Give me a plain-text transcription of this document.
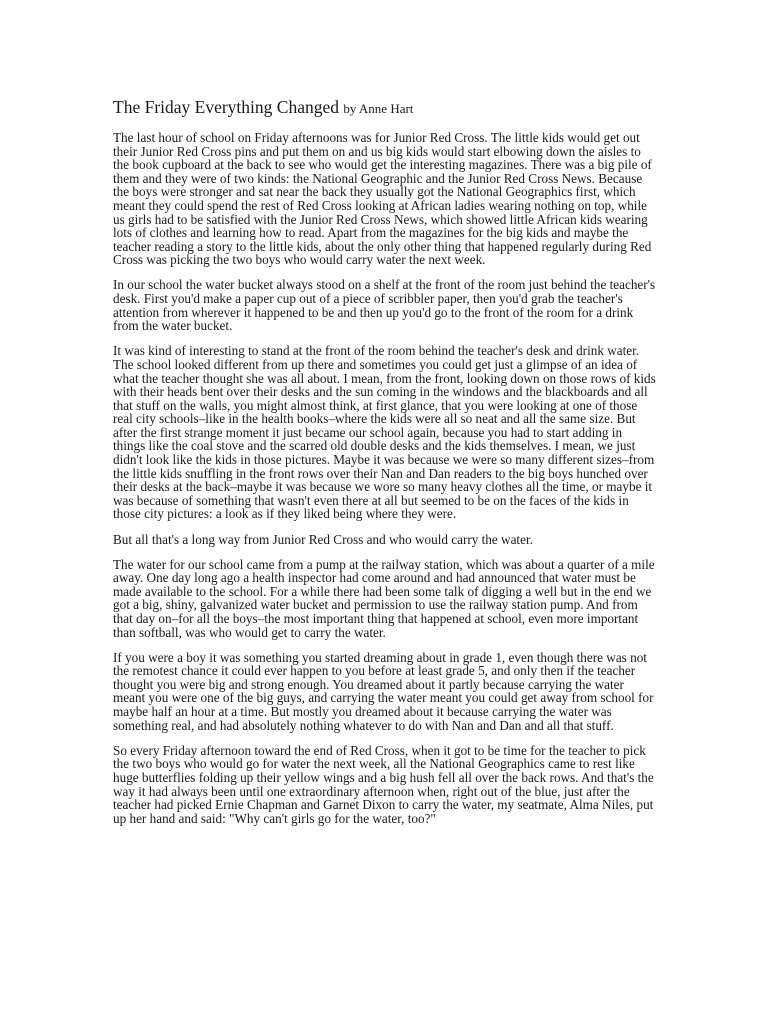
The Friday Everything Changed by Anne Hart

The last hour of school on Friday afternoons was for Junior Red Cross. The little kids would get out their Junior Red Cross pins and put them on and us big kids would start elbowing down the aisles to the book cupboard at the back to see who would get the interesting magazines. There was a big pile of them and they were of two kinds: the National Geographic and the Junior Red Cross News. Because the boys were stronger and sat near the back they usually got the National Geographics first, which meant they could spend the rest of Red Cross looking at African ladies wearing nothing on top, while us girls had to be satisfied with the Junior Red Cross News, which showed little African kids wearing lots of clothes and learning how to read. Apart from the magazines for the big kids and maybe the teacher reading a story to the little kids, about the only other thing that happened regularly during Red Cross was picking the two boys who would carry water the next week.

In our school the water bucket always stood on a shelf at the front of the room just behind the teacher's desk. First you'd make a paper cup out of a piece of scribbler paper, then you'd grab the teacher's attention from wherever it happened to be and then up you'd go to the front of the room for a drink from the water bucket.

It was kind of interesting to stand at the front of the room behind the teacher's desk and drink water. The school looked different from up there and sometimes you could get just a glimpse of an idea of what the teacher thought she was all about. I mean, from the front, looking down on those rows of kids with their heads bent over their desks and the sun coming in the windows and the blackboards and all that stuff on the walls, you might almost think, at first glance, that you were looking at one of those real city schools–like in the health books–where the kids were all so neat and all the same size. But after the first strange moment it just became our school again, because you had to start adding in things like the coal stove and the scarred old double desks and the kids themselves. I mean, we just didn't look like the kids in those pictures. Maybe it was because we were so many different sizes–from the little kids snuffling in the front rows over their Nan and Dan readers to the big boys hunched over their desks at the back–maybe it was because we wore so many heavy clothes all the time, or maybe it was because of something that wasn't even there at all but seemed to be on the faces of the kids in those city pictures: a look as if they liked being where they were.

But all that's a long way from Junior Red Cross and who would carry the water.

The water for our school came from a pump at the railway station, which was about a quarter of a mile away. One day long ago a health inspector had come around and had announced that water must be made available to the school. For a while there had been some talk of digging a well but in the end we got a big, shiny, galvanized water bucket and permission to use the railway station pump. And from that day on–for all the boys–the most important thing that happened at school, even more important than softball, was who would get to carry the water.

If you were a boy it was something you started dreaming about in grade 1, even though there was not the remotest chance it could ever happen to you before at least grade 5, and only then if the teacher thought you were big and strong enough. You dreamed about it partly because carrying the water meant you were one of the big guys, and carrying the water meant you could get away from school for maybe half an hour at a time. But mostly you dreamed about it because carrying the water was something real, and had absolutely nothing whatever to do with Nan and Dan and all that stuff.

So every Friday afternoon toward the end of Red Cross, when it got to be time for the teacher to pick the two boys who would go for water the next week, all the National Geographics came to rest like huge butterflies folding up their yellow wings and a big hush fell all over the back rows. And that's the way it had always been until one extraordinary afternoon when, right out of the blue, just after the teacher had picked Ernie Chapman and Garnet Dixon to carry the water, my seatmate, Alma Niles, put up her hand and said: "Why can't girls go for the water, too?"
